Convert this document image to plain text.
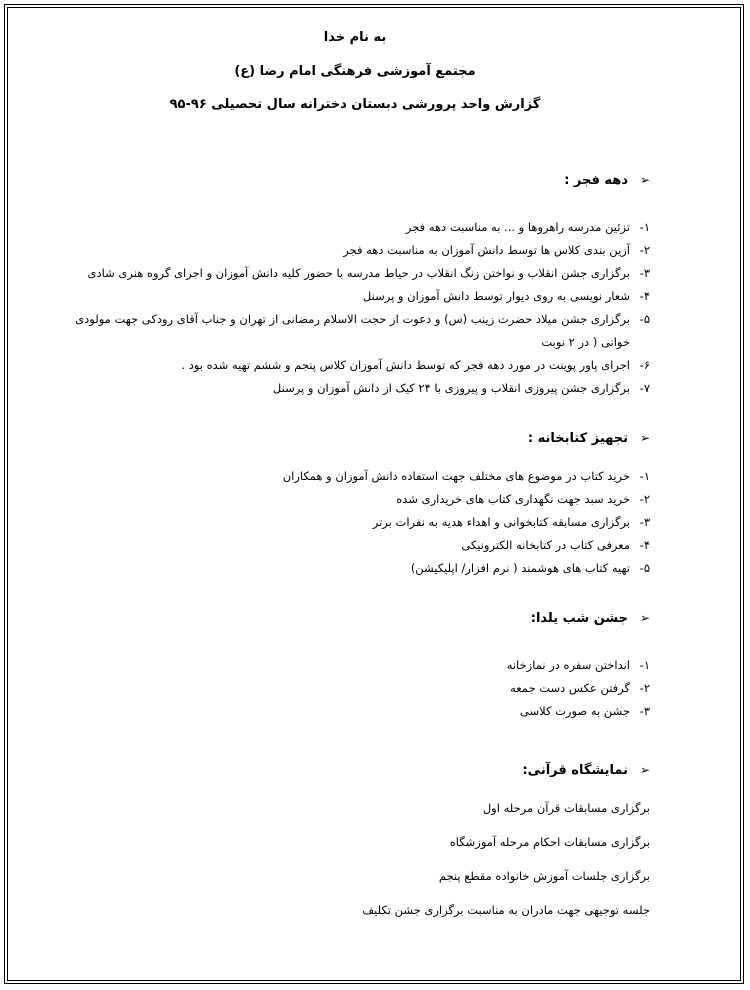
به نام خدا
مجتمع آموزشی فرهنگی امام رضا (ع)
گزارش واحد پرورشی دبستان دخترانه سال تحصیلی ۹۶-۹۵
➢
دهه فجر :
۱-
تزئین مدرسه راهروها و ... به مناسبت دهه فجر
۲-
آزین بندی کلاس ها توسط دانش آموزان به مناسبت دهه فجر
۳-
برگزاری جشن انقلاب و نواختن زنگ انقلاب در حیاط مدرسه با حضور کلیه دانش آموزان و اجرای گروه هنری شادی
۴-
شعار نویسی به روی دیوار توسط دانش آموزان و پرسنل
۵-
برگزاری جشن میلاد حضرت زینب (س) و دعوت از حجت الاسلام رمضانی از تهران و جناب آقای رودکی جهت مولودی خوانی ( در ۲ نوبت
۶-
اجرای پاور پوینت در مورد دهه فجر که توسط دانش آموزان کلاس پنجم و ششم تهیه شده بود .
۷-
برگزاری جشن پیروزی انقلاب و پیروزی با ۲۴ کیک از دانش آموزان و پرسنل
➢
تجهیز کتابخانه :
۱-
خرید کتاب در موضوع های مختلف جهت استفاده دانش آموزان و همکاران
۲-
خرید سبد جهت نگهداری کتاب های خریداری شده
۳-
برگزاری مسابقه کتابخوانی و اهداء هدیه به نفرات برتر
۴-
معرفی کتاب در کتابخانه الکترونیکی
۵-
تهیه کتاب های هوشمند ( نرم افزار/ اپلیکیشن)
➢
جشن شب یلدا:
۱-
انداختن سفره در نمازخانه
۲-
گرفتن عکس دست جمعه
۳-
جشن به صورت کلاسی
➢
نمایشگاه قرآنی:
برگزاری مسابقات قرآن مرحله اول
برگزاری مسابقات احکام مرحله آموزشگاه
برگزاری جلسات آموزش خانواده مقطع پنجم
جلسه توجیهی جهت مادران به مناسبت برگزاری جشن تکلیف
